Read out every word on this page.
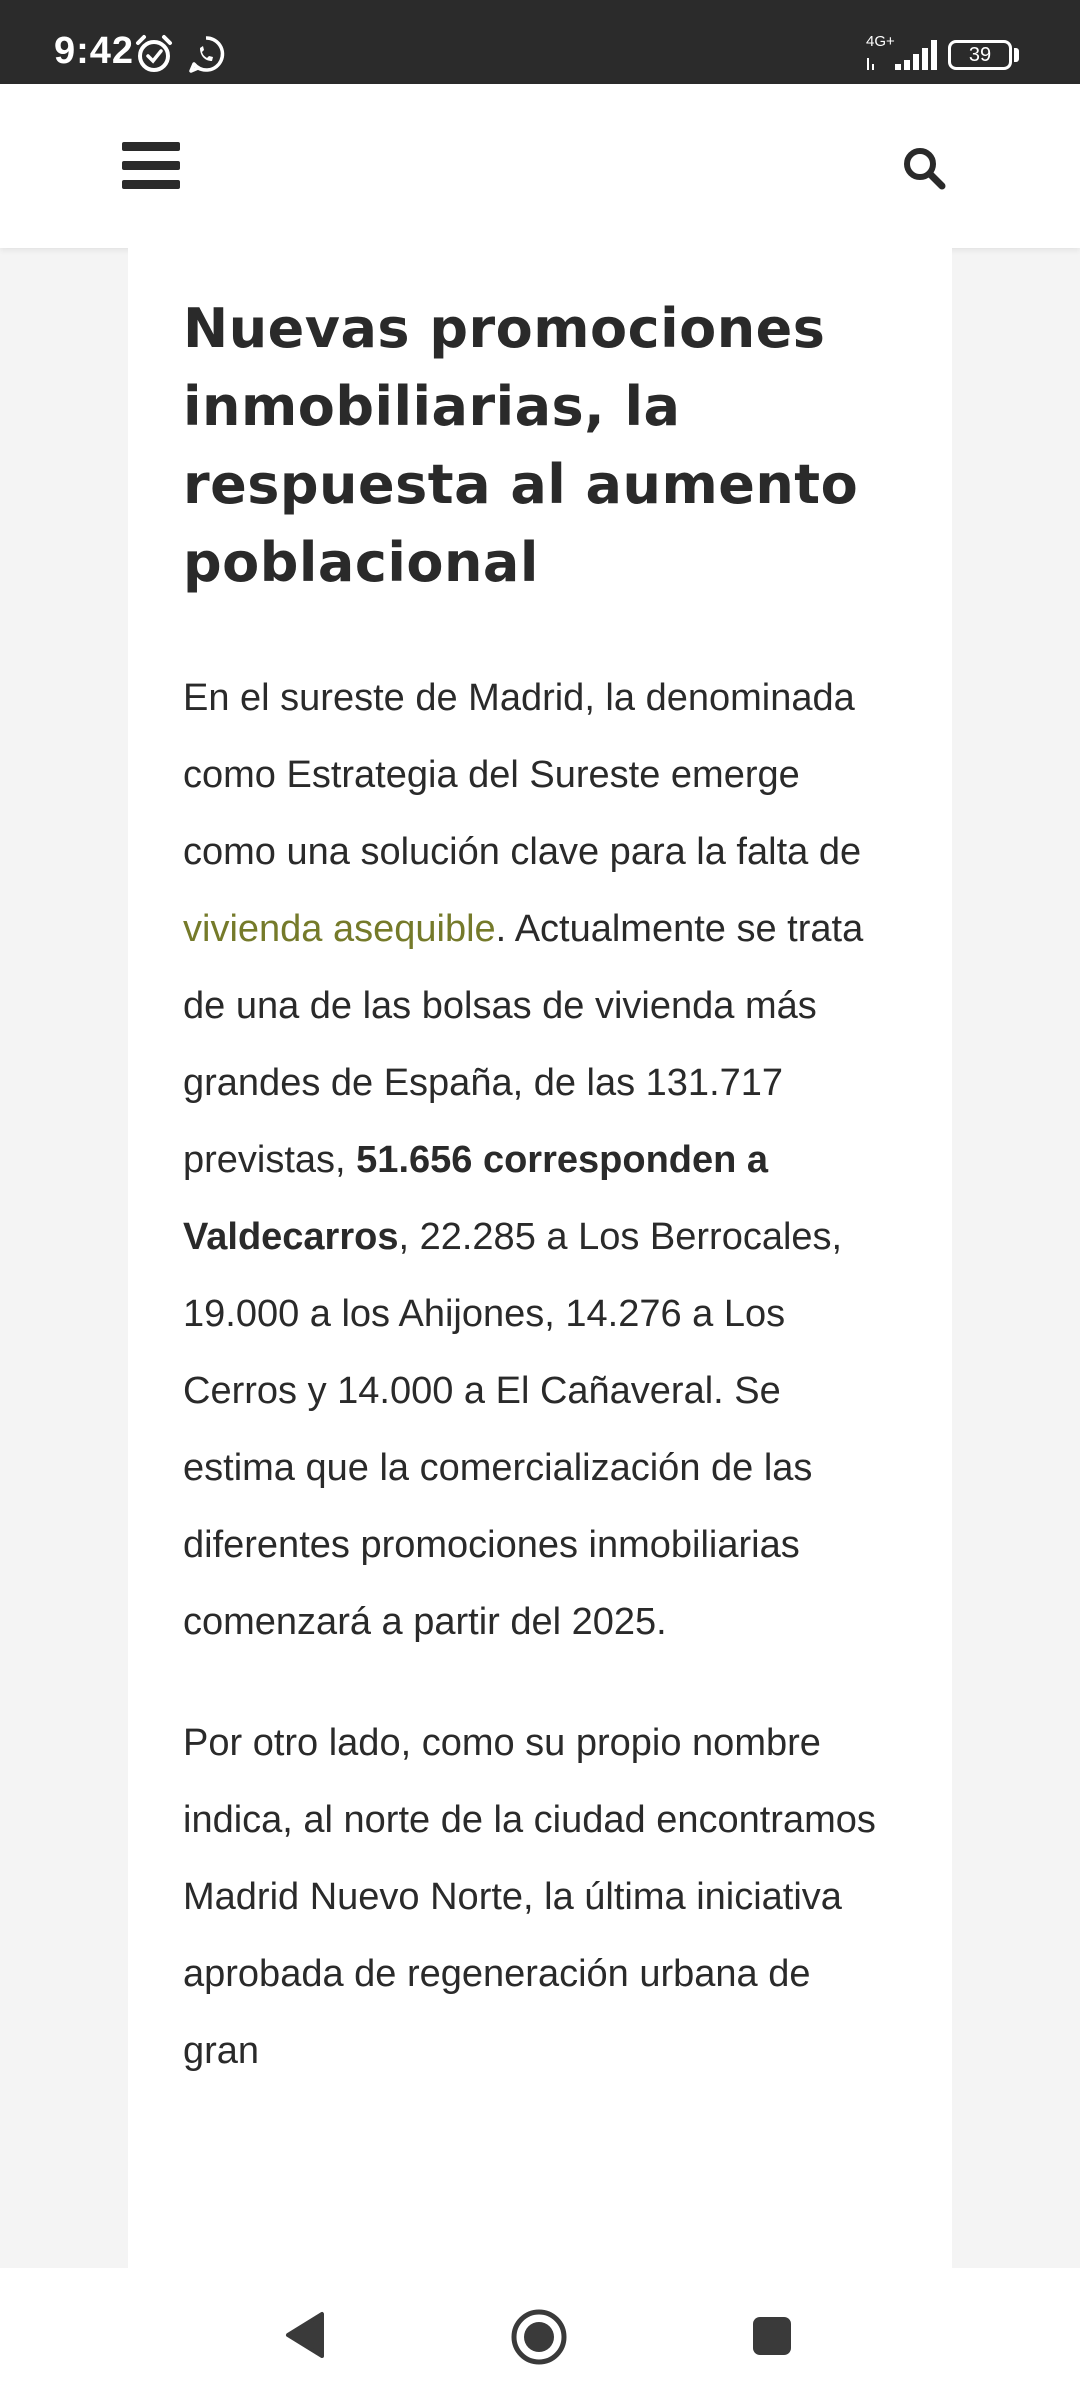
9:42	4G+
39
Nuevas promociones inmobiliarias, la respuesta al aumento poblacional

En el sureste de Madrid, la denominada como Estrategia del Sureste emerge como una solución clave para la falta de vivienda asequible. Actualmente se trata de una de las bolsas de vivienda más grandes de España, de las 131.717 previstas, 51.656 corresponden a Valdecarros, 22.285 a Los Berrocales, 19.000 a los Ahijones, 14.276 a Los Cerros y 14.000 a El Cañaveral. Se estima que la comercialización de las diferentes promociones inmobiliarias comenzará a partir del 2025.

Por otro lado, como su propio nombre indica, al norte de la ciudad encontramos Madrid Nuevo Norte, la última iniciativa aprobada de regeneración urbana de gran
